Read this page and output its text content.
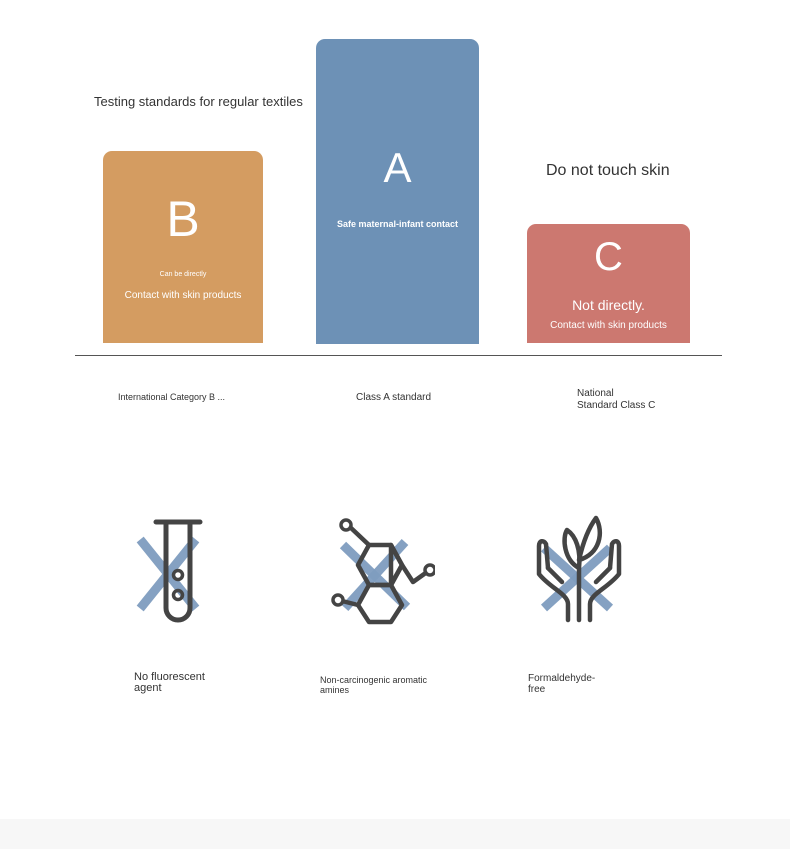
Testing standards for regular textiles
Do not touch skin
B
Can be directly
Contact with skin products
A
Safe maternal-infant contact
C
Not directly.
Contact with skin products
International Category B ...	Class A standard	National
Standard Class C
No fluorescent
agent
Non-carcinogenic aromatic
amines
Formaldehyde-
free
